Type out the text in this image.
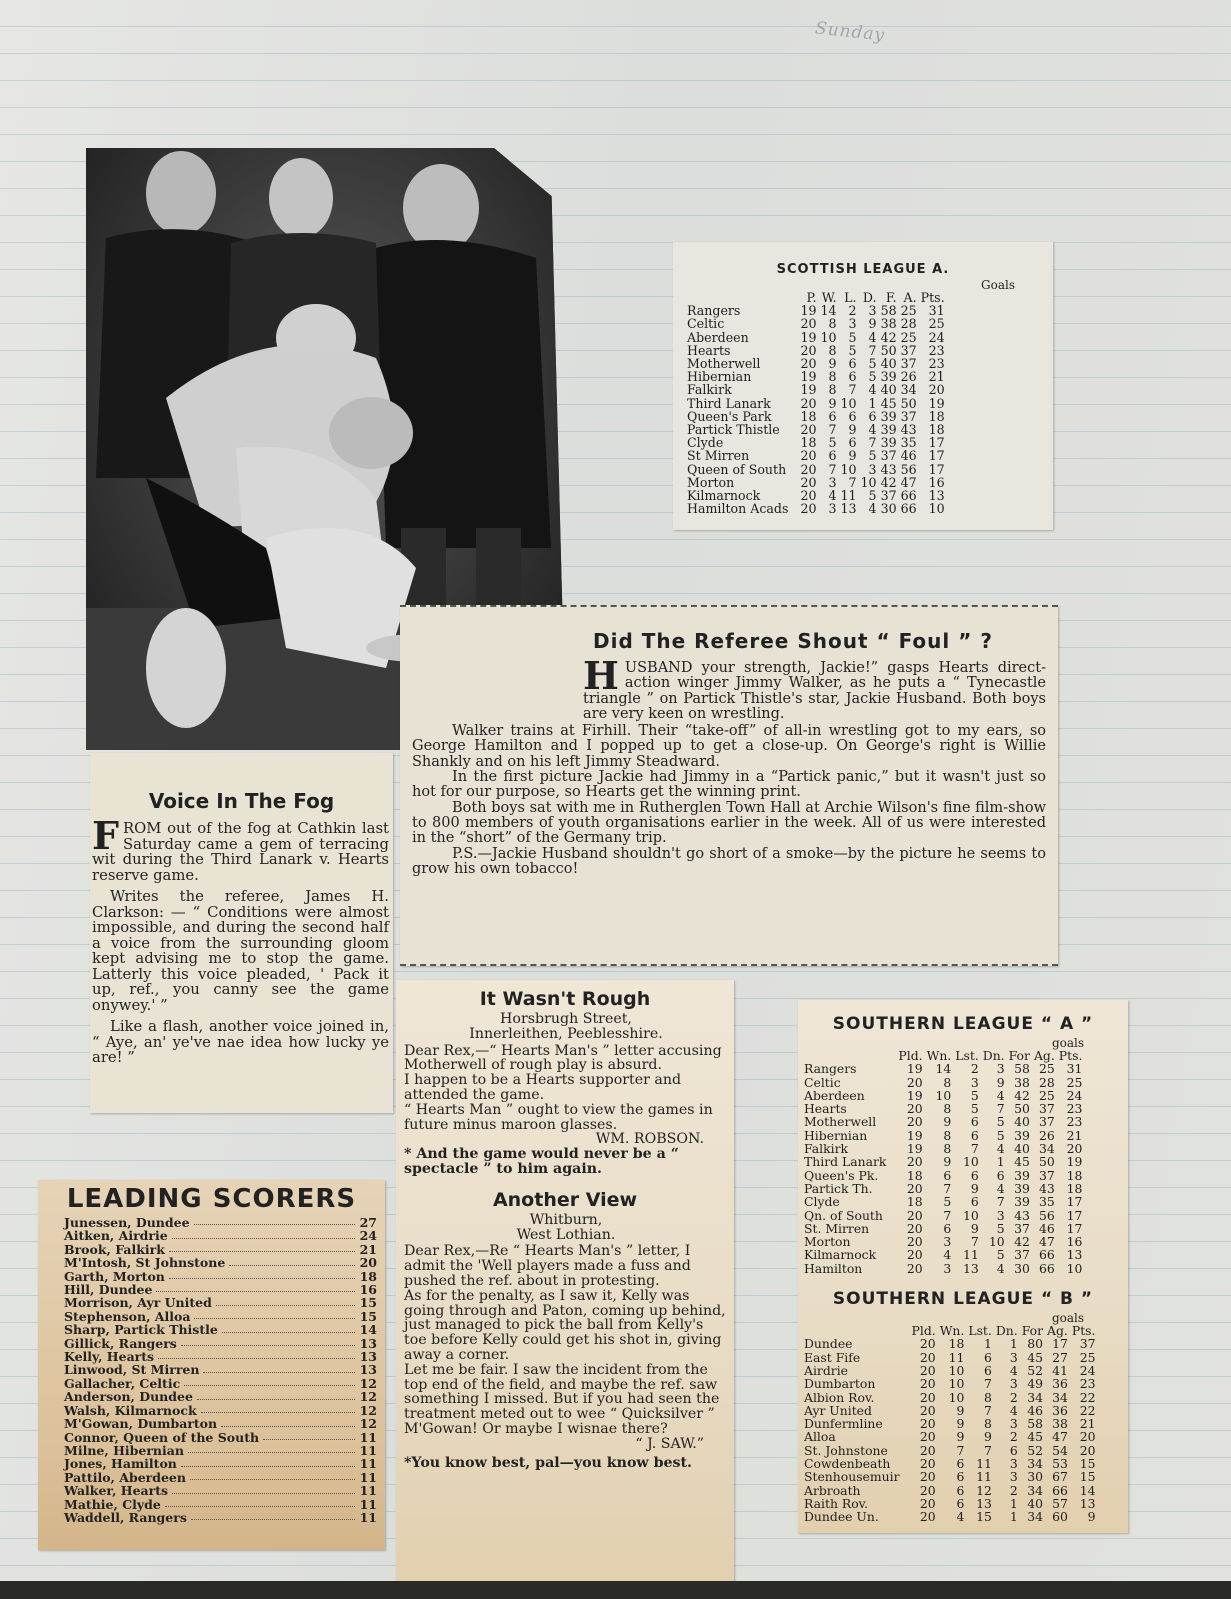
Sunday
SCOTTISH LEAGUE A.
Goals
	P.	W.	L.	D.	F.	A.	Pts.
Rangers	19	14	2	3	58	25	31
Celtic	20	8	3	9	38	28	25
Aberdeen	19	10	5	4	42	25	24
Hearts	20	8	5	7	50	37	23
Motherwell	20	9	6	5	40	37	23
Hibernian	19	8	6	5	39	26	21
Falkirk	19	8	7	4	40	34	20
Third Lanark	20	9	10	1	45	50	19
Queen's Park	18	6	6	6	39	37	18
Partick Thistle	20	7	9	4	39	43	18
Clyde	18	5	6	7	39	35	17
St Mirren	20	6	9	5	37	46	17
Queen of South	20	7	10	3	43	56	17
Morton	20	3	7	10	42	47	16
Kilmarnock	20	4	11	5	37	66	13
Hamilton Acads	20	3	13	4	30	66	10
Did The Referee Shout “ Foul ” ?
HUSBAND your strength, Jackie!” gasps Hearts direct-action winger Jimmy Walker, as he puts a “ Tynecastle triangle ” on Partick Thistle's star, Jackie Husband. Both boys are very keen on wrestling.
Walker trains at Firhill. Their “take-off” of all-in wrestling got to my ears, so George Hamilton and I popped up to get a close-up. On George's right is Willie Shankly and on his left Jimmy Steadward.
In the first picture Jackie had Jimmy in a “Partick panic,” but it wasn't just so hot for our purpose, so Hearts get the winning print.
Both boys sat with me in Rutherglen Town Hall at Archie Wilson's fine film-show to 800 members of youth organisations earlier in the week. All of us were interested in the “short” of the Germany trip.
P.S.—Jackie Husband shouldn't go short of a smoke—by the picture he seems to grow his own tobacco!
Voice In The Fog

FROM out of the fog at Cathkin last Saturday came a gem of terracing wit during the Third Lanark v. Hearts reserve game.

Writes the referee, James H. Clarkson: — “ Conditions were almost impossible, and during the second half a voice from the surrounding gloom kept advising me to stop the game. Latterly this voice pleaded, ' Pack it up, ref., you canny see the game onywey.' ”

Like a flash, another voice joined in, “ Aye, an' ye've nae idea how lucky ye are! ”

It Wasn't Rough

Horsbrugh Street,

Innerleithen, Peeblesshire.

Dear Rex,—“ Hearts Man's ” letter accusing Motherwell of rough play is absurd.

I happen to be a Hearts supporter and attended the game.

“ Hearts Man ” ought to view the games in future minus maroon glasses.

WM. ROBSON.

* And the game would never be a “ spectacle ” to him again.

Another View

Whitburn,

West Lothian.

Dear Rex,—Re “ Hearts Man's ” letter, I admit the 'Well players made a fuss and pushed the ref. about in protesting.

As for the penalty, as I saw it, Kelly was going through and Paton, coming up behind, just managed to pick the ball from Kelly's toe before Kelly could get his shot in, giving away a corner.

Let me be fair. I saw the incident from the top end of the field, and maybe the ref. saw something I missed. But if you had seen the treatment meted out to wee “ Quicksilver ” M'Gowan! Or maybe I wisnae there?

“ J. SAW.”

*You know best, pal—you know best.

LEADING SCORERS
Junessen, Dundee	27
Aitken, Airdrie	24
Brook, Falkirk	21
M'Intosh, St Johnstone	20
Garth, Morton	18
Hill, Dundee	16
Morrison, Ayr United	15
Stephenson, Alloa	15
Sharp, Partick Thistle	14
Gillick, Rangers	13
Kelly, Hearts	13
Linwood, St Mirren	13
Gallacher, Celtic	12
Anderson, Dundee	12
Walsh, Kilmarnock	12
M'Gowan, Dumbarton	12
Connor, Queen of the South	11
Milne, Hibernian	11
Jones, Hamilton	11
Pattilo, Aberdeen	11
Walker, Hearts	11
Mathie, Clyde	11
Waddell, Rangers	11
SOUTHERN LEAGUE “ A ”
goals
	Pld.	Wn.	Lst.	Dn.	For	Ag.	Pts.
Rangers	19	14	2	3	58	25	31
Celtic	20	8	3	9	38	28	25
Aberdeen	19	10	5	4	42	25	24
Hearts	20	8	5	7	50	37	23
Motherwell	20	9	6	5	40	37	23
Hibernian	19	8	6	5	39	26	21
Falkirk	19	8	7	4	40	34	20
Third Lanark	20	9	10	1	45	50	19
Queen's Pk.	18	6	6	6	39	37	18
Partick Th.	20	7	9	4	39	43	18
Clyde	18	5	6	7	39	35	17
Qn. of South	20	7	10	3	43	56	17
St. Mirren	20	6	9	5	37	46	17
Morton	20	3	7	10	42	47	16
Kilmarnock	20	4	11	5	37	66	13
Hamilton	20	3	13	4	30	66	10
SOUTHERN LEAGUE “ B ”
goals
	Pld.	Wn.	Lst.	Dn.	For	Ag.	Pts.
Dundee	20	18	1	1	80	17	37
East Fife	20	11	6	3	45	27	25
Airdrie	20	10	6	4	52	41	24
Dumbarton	20	10	7	3	49	36	23
Albion Rov.	20	10	8	2	34	34	22
Ayr United	20	9	7	4	46	36	22
Dunfermline	20	9	8	3	58	38	21
Alloa	20	9	9	2	45	47	20
St. Johnstone	20	7	7	6	52	54	20
Cowdenbeath	20	6	11	3	34	53	15
Stenhousemuir	20	6	11	3	30	67	15
Arbroath	20	6	12	2	34	66	14
Raith Rov.	20	6	13	1	40	57	13
Dundee Un.	20	4	15	1	34	60	9
